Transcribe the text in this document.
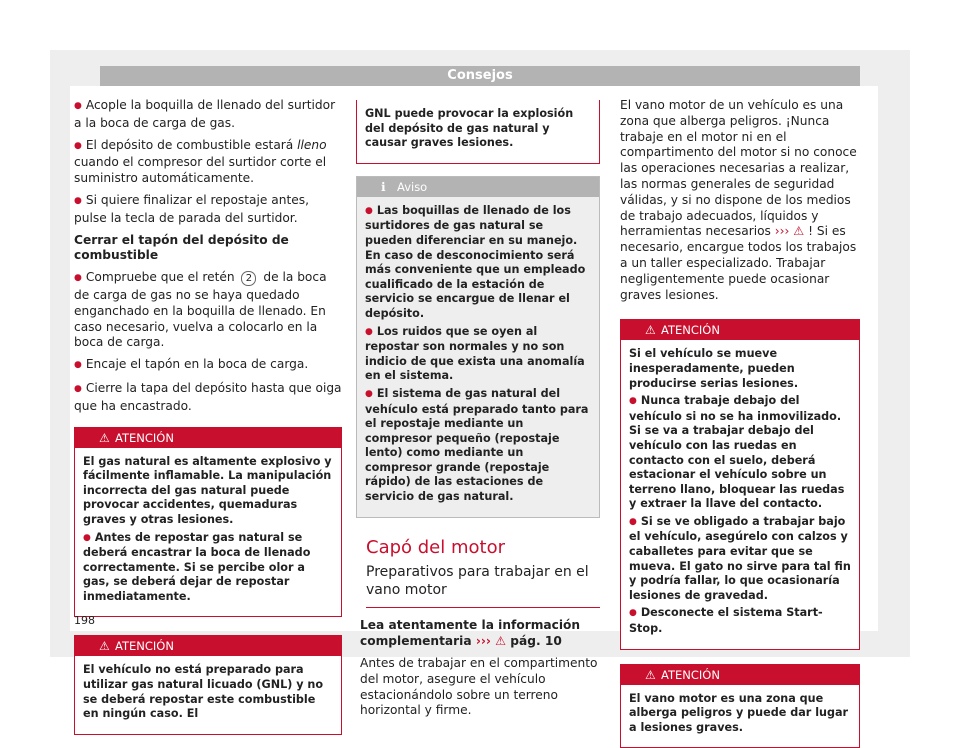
Consejos

● Acople la boquilla de llenado del surtidor a la boca de carga de gas.

● El depósito de combustible estará lleno cuando el compresor del surtidor corte el suministro automáticamente.

● Si quiere finalizar el repostaje antes, pulse la tecla de parada del surtidor.

Cerrar el tapón del depósito de combustible

● Compruebe que el retén 2 de la boca de carga de gas no se haya quedado enganchado en la boquilla de llenado. En caso necesario, vuelva a colocarlo en la boca de carga.

● Encaje el tapón en la boca de carga.

● Cierre la tapa del depósito hasta que oiga que ha encastrado.

⚠ ATENCIÓN

El gas natural es altamente explosivo y fácilmente inflamable. La manipulación incorrecta del gas natural puede provocar accidentes, quemaduras graves y otras lesiones.

● Antes de repostar gas natural se deberá encastrar la boca de llenado correctamente. Si se percibe olor a gas, se deberá dejar de repostar inmediatamente.

⚠ ATENCIÓN

El vehículo no está preparado para utilizar gas natural licuado (GNL) y no se deberá repostar este combustible en ningún caso. El

GNL puede provocar la explosión del depósito de gas natural y causar graves lesiones.

ℹ Aviso

● Las boquillas de llenado de los surtidores de gas natural se pueden diferenciar en su manejo. En caso de desconocimiento será más conveniente que un empleado cualificado de la estación de servicio se encargue de llenar el depósito.

● Los ruidos que se oyen al repostar son normales y no son indicio de que exista una anomalía en el sistema.

● El sistema de gas natural del vehículo está preparado tanto para el repostaje mediante un compresor pequeño (repostaje lento) como mediante un compresor grande (repostaje rápido) de las estaciones de servicio de gas natural.

Capó del motor
Preparativos para trabajar en el vano motor

Lea atentamente la información complementaria ››› ⚠ pág. 10

Antes de trabajar en el compartimento del motor, asegure el vehículo estacionándolo sobre un terreno horizontal y firme.

El vano motor de un vehículo es una zona que alberga peligros. ¡Nunca trabaje en el motor ni en el compartimento del motor si no conoce las operaciones necesarias a realizar, las normas generales de seguridad válidas, y si no dispone de los medios de trabajo adecuados, líquidos y herramientas necesarios ››› ⚠ ! Si es necesario, encargue todos los trabajos a un taller especializado. Trabajar negligentemente puede ocasionar graves lesiones.

⚠ ATENCIÓN

Si el vehículo se mueve inesperadamente, pueden producirse serias lesiones.

● Nunca trabaje debajo del vehículo si no se ha inmovilizado. Si se va a trabajar debajo del vehículo con las ruedas en contacto con el suelo, deberá estacionar el vehículo sobre un terreno llano, bloquear las ruedas y extraer la llave del contacto.

● Si se ve obligado a trabajar bajo el vehículo, asegúrelo con calzos y caballetes para evitar que se mueva. El gato no sirve para tal fin y podría fallar, lo que ocasionaría lesiones de gravedad.

● Desconecte el sistema Start-Stop.

⚠ ATENCIÓN

El vano motor es una zona que alberga peligros y puede dar lugar a lesiones graves.

198
